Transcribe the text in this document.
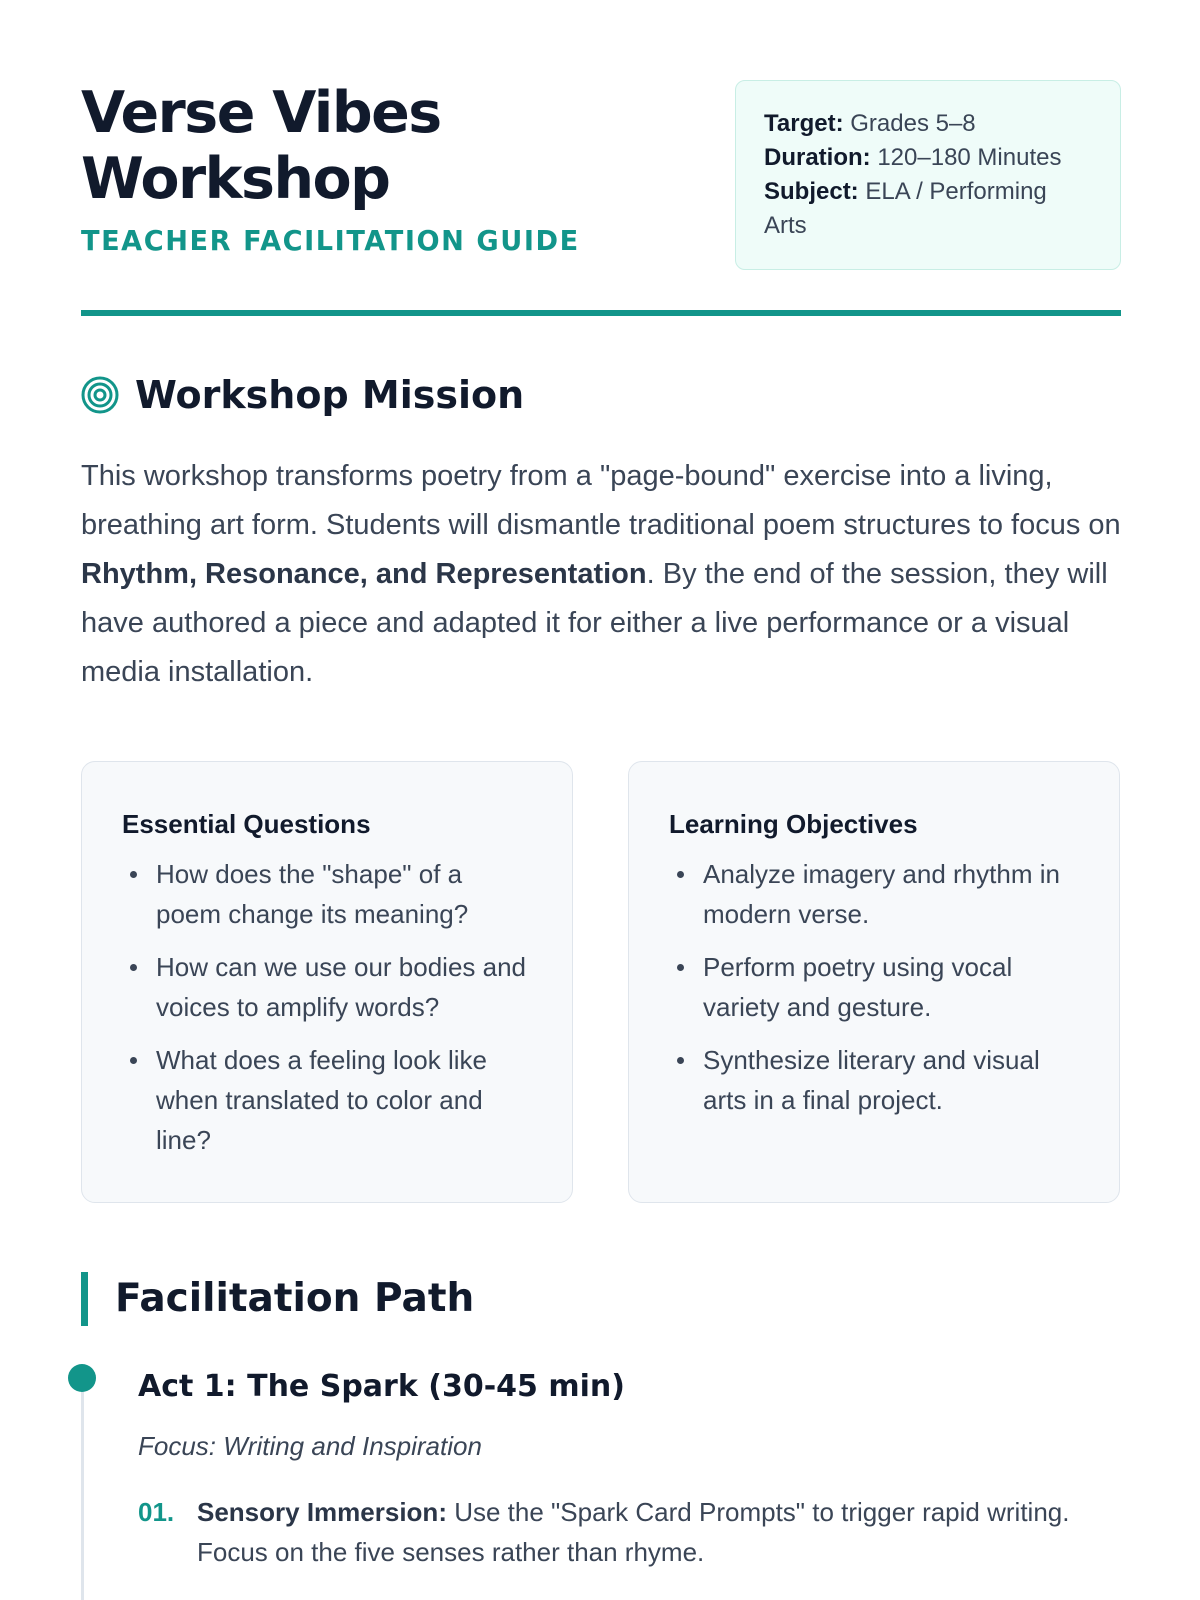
Verse Vibes
Workshop
TEACHER FACILITATION GUIDE
Target: Grades 5–8
Duration: 120–180 Minutes
Subject: ELA / Performing Arts
Workshop Mission

This workshop transforms poetry from a "page-bound" exercise into a living, breathing art form. Students will dismantle traditional poem structures to focus on Rhythm, Resonance, and Representation. By the end of the session, they will have authored a piece and adapted it for either a live performance or a visual media installation.

Essential Questions
How does the "shape" of a poem change its meaning?
How can we use our bodies and voices to amplify words?
What does a feeling look like when translated to color and line?
Learning Objectives
Analyze imagery and rhythm in modern verse.
Perform poetry using vocal variety and gesture.
Synthesize literary and visual arts in a final project.
Facilitation Path
Act 1: The Spark (30-45 min)
Focus: Writing and Inspiration
01. Sensory Immersion: Use the "Spark Card Prompts" to trigger rapid writing. Focus on the five senses rather than rhyme.
